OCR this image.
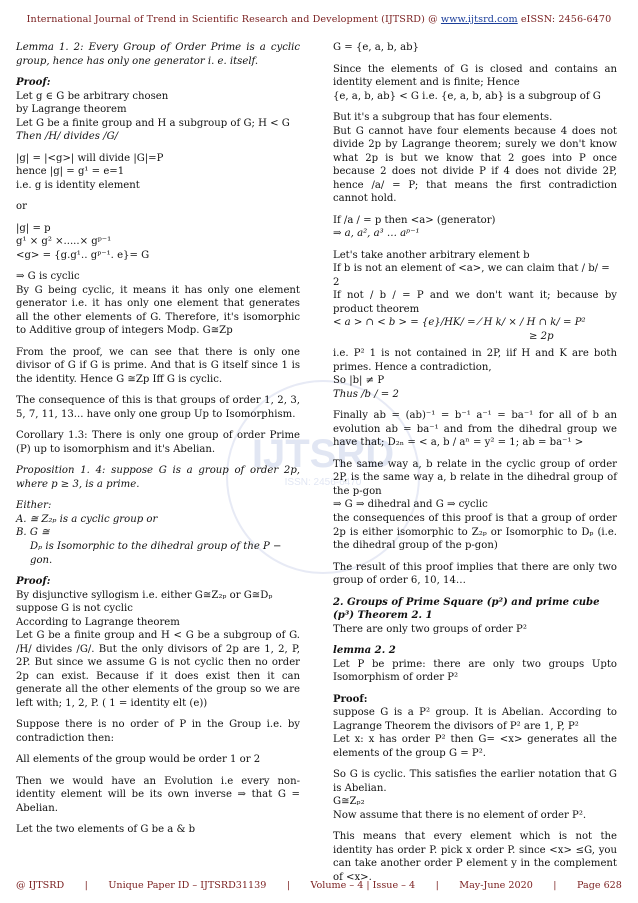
International Journal of Trend in Scientific Research and Development (IJTSRD) @ www.ijtsrd.com eISSN: 2456-6470
IJTSRD
ISSN: 2456-6470

Lemma 1. 2: Every Group of Order Prime is a cyclic group, hence has only one generator i. e. itself.

Proof:

Let g ∈ G be arbitrary chosen

by Lagrange theorem

Let G be a finite group and H a subgroup of G; H < G

Then /H/ divides /G/

|g| = |<g>| will divide |G|=P

hence |g| = g¹ = e=1

i.e. g is identity element

or

|g| = p

g¹ × g² ×.....× gᵖ⁻¹

<g> = {g.g¹‥ gᵖ⁻¹. e}= G

⇒ G is cyclic

By G being cyclic, it means it has only one element generator i.e. it has only one element that generates all the other elements of G. Therefore, it's isomorphic to Additive group of integers Modp. G≅Zp

From the proof, we can see that there is only one divisor of G if G is prime. And that is G itself since 1 is the identity. Hence G ≅Zp Iff G is cyclic.

The consequence of this is that groups of order 1, 2, 3, 5, 7, 11, 13... have only one group Up to Isomorphism.

Corollary 1.3: There is only one group of order Prime (P) up to isomorphism and it's Abelian.

Proposition 1. 4: suppose G is a group of order 2p, where p ≥ 3, is a prime.

Either:

A. ≅ Z₂ₚ is a cyclic group or

B. G ≅

Dₚ is Isomorphic to the dihedral group of the P − gon.

Proof:

By disjunctive syllogism i.e. either G≅Z₂ₚ or G≅Dₚ

suppose G is not cyclic

According to Lagrange theorem

Let G be a finite group and H < G be a subgroup of G. /H/ divides /G/. But the only divisors of 2p are 1, 2, P, 2P. But since we assume G is not cyclic then no order 2p can exist. Because if it does exist then it can generate all the other elements of the group so we are left with; 1, 2, P. ( 1 = identity elt (e))

Suppose there is no order of P in the Group i.e. by contradiction then:

All elements of the group would be order 1 or 2

Then we would have an Evolution i.e every non-identity element will be its own inverse ⇒ that G = Abelian.

Let the two elements of G be a & b

G = {e, a, b, ab}

Since the elements of G is closed and contains an identity element and is finite; Hence

{e, a, b, ab} < G i.e. {e, a, b, ab} is a subgroup of G

But it's a subgroup that has four elements.

But G cannot have four elements because 4 does not divide 2p by Lagrange theorem; surely we don't know what 2p is but we know that 2 goes into P once because 2 does not divide P if 4 does not divide 2P, hence /a/ = P; that means the first contradiction cannot hold.

If /a / = p then <a> (generator)

⇒ a, a², a³ … aᵖ⁻¹

Let's take another arbitrary element b

If b is not an element of <a>, we can claim that / b/ = 2

If not / b / = P and we don't want it; because by product theorem

< a > ∩ < b > = {e}/HK/ = ⁄ H k/ × / H ∩ k/ = P²

≥ 2p

i.e. P² 1 is not contained in 2P, iif H and K are both primes. Hence a contradiction,

So |b| ≠ P

Thus /b / = 2

Finally ab = (ab)⁻¹ = b⁻¹ a⁻¹ = ba⁻¹ for all of b an evolution ab = ba⁻¹ and from the dihedral group we have that; D₂ₙ = < a, b / aⁿ = y² = 1; ab = ba⁻¹ >

The same way a, b relate in the cyclic group of order 2P, is the same way a, b relate in the dihedral group of the p-gon

⇒ G ⇒ dihedral and G ⇒ cyclic

the consequences of this proof is that a group of order 2p is either isomorphic to Z₂ₚ or Isomorphic to Dₚ (i.e. the dihedral group of the p-gon)

The result of this proof implies that there are only two group of order 6, 10, 14…

2. Groups of Prime Square (p²) and prime cube (p³) Theorem 2. 1

There are only two groups of order P²

lemma 2. 2

Let P be prime: there are only two groups Upto Isomorphism of order P²

Proof:

suppose G is a P² group. It is Abelian. According to Lagrange Theorem the divisors of P² are 1, P, P²

Let x: x has order P² then G= <x> generates all the elements of the group G = P².

So G is cyclic. This satisfies the earlier notation that G is Abelian.

G≅Zₚ₂

Now assume that there is no element of order P².

This means that every element which is not the identity has order P. pick x order P. since <x> ≤G, you can take another order P element y in the complement of <x>.

@ IJTSRD	|	Unique Paper ID – IJTSRD31139	|	Volume – 4 | Issue – 4	|	May-June 2020	|	Page 628
